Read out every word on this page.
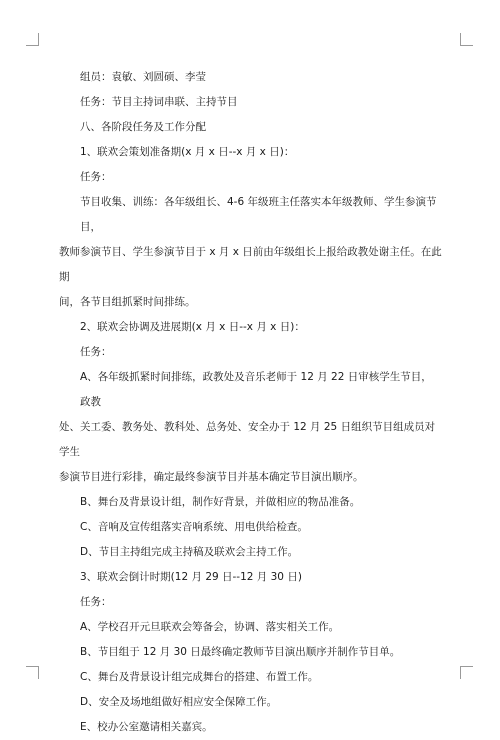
组员：袁敏、刘圆硕、李莹

任务：节目主持词串联、主持节目

八、各阶段任务及工作分配

1、联欢会策划准备期(x 月 x 日--x 月 x 日)：

任务：

节目收集、训练：各年级组长、4-6 年级班主任落实本年级教师、学生参演节目，

教师参演节目、学生参演节目于 x 月 x 日前由年级组长上报给政教处谢主任。在此期

间，各节目组抓紧时间排练。

2、联欢会协调及进展期(x 月 x 日--x 月 x 日)：

任务：

A、各年级抓紧时间排练，政教处及音乐老师于 12 月 22 日审核学生节目，政教

处、关工委、教务处、教科处、总务处、安全办于 12 月 25 日组织节目组成员对学生

参演节目进行彩排，确定最终参演节目并基本确定节目演出顺序。

B、舞台及背景设计组，制作好背景，并做相应的物品准备。

C、音响及宣传组落实音响系统、用电供给检查。

D、节目主持组完成主持稿及联欢会主持工作。

3、联欢会倒计时期(12 月 29 日--12 月 30 日)

任务：

A、学校召开元旦联欢会筹备会，协调、落实相关工作。

B、节目组于 12 月 30 日最终确定教师节目演出顺序并制作节目单。

C、舞台及背景设计组完成舞台的搭建、布置工作。

D、安全及场地组做好相应安全保障工作。

E、校办公室邀请相关嘉宾。
